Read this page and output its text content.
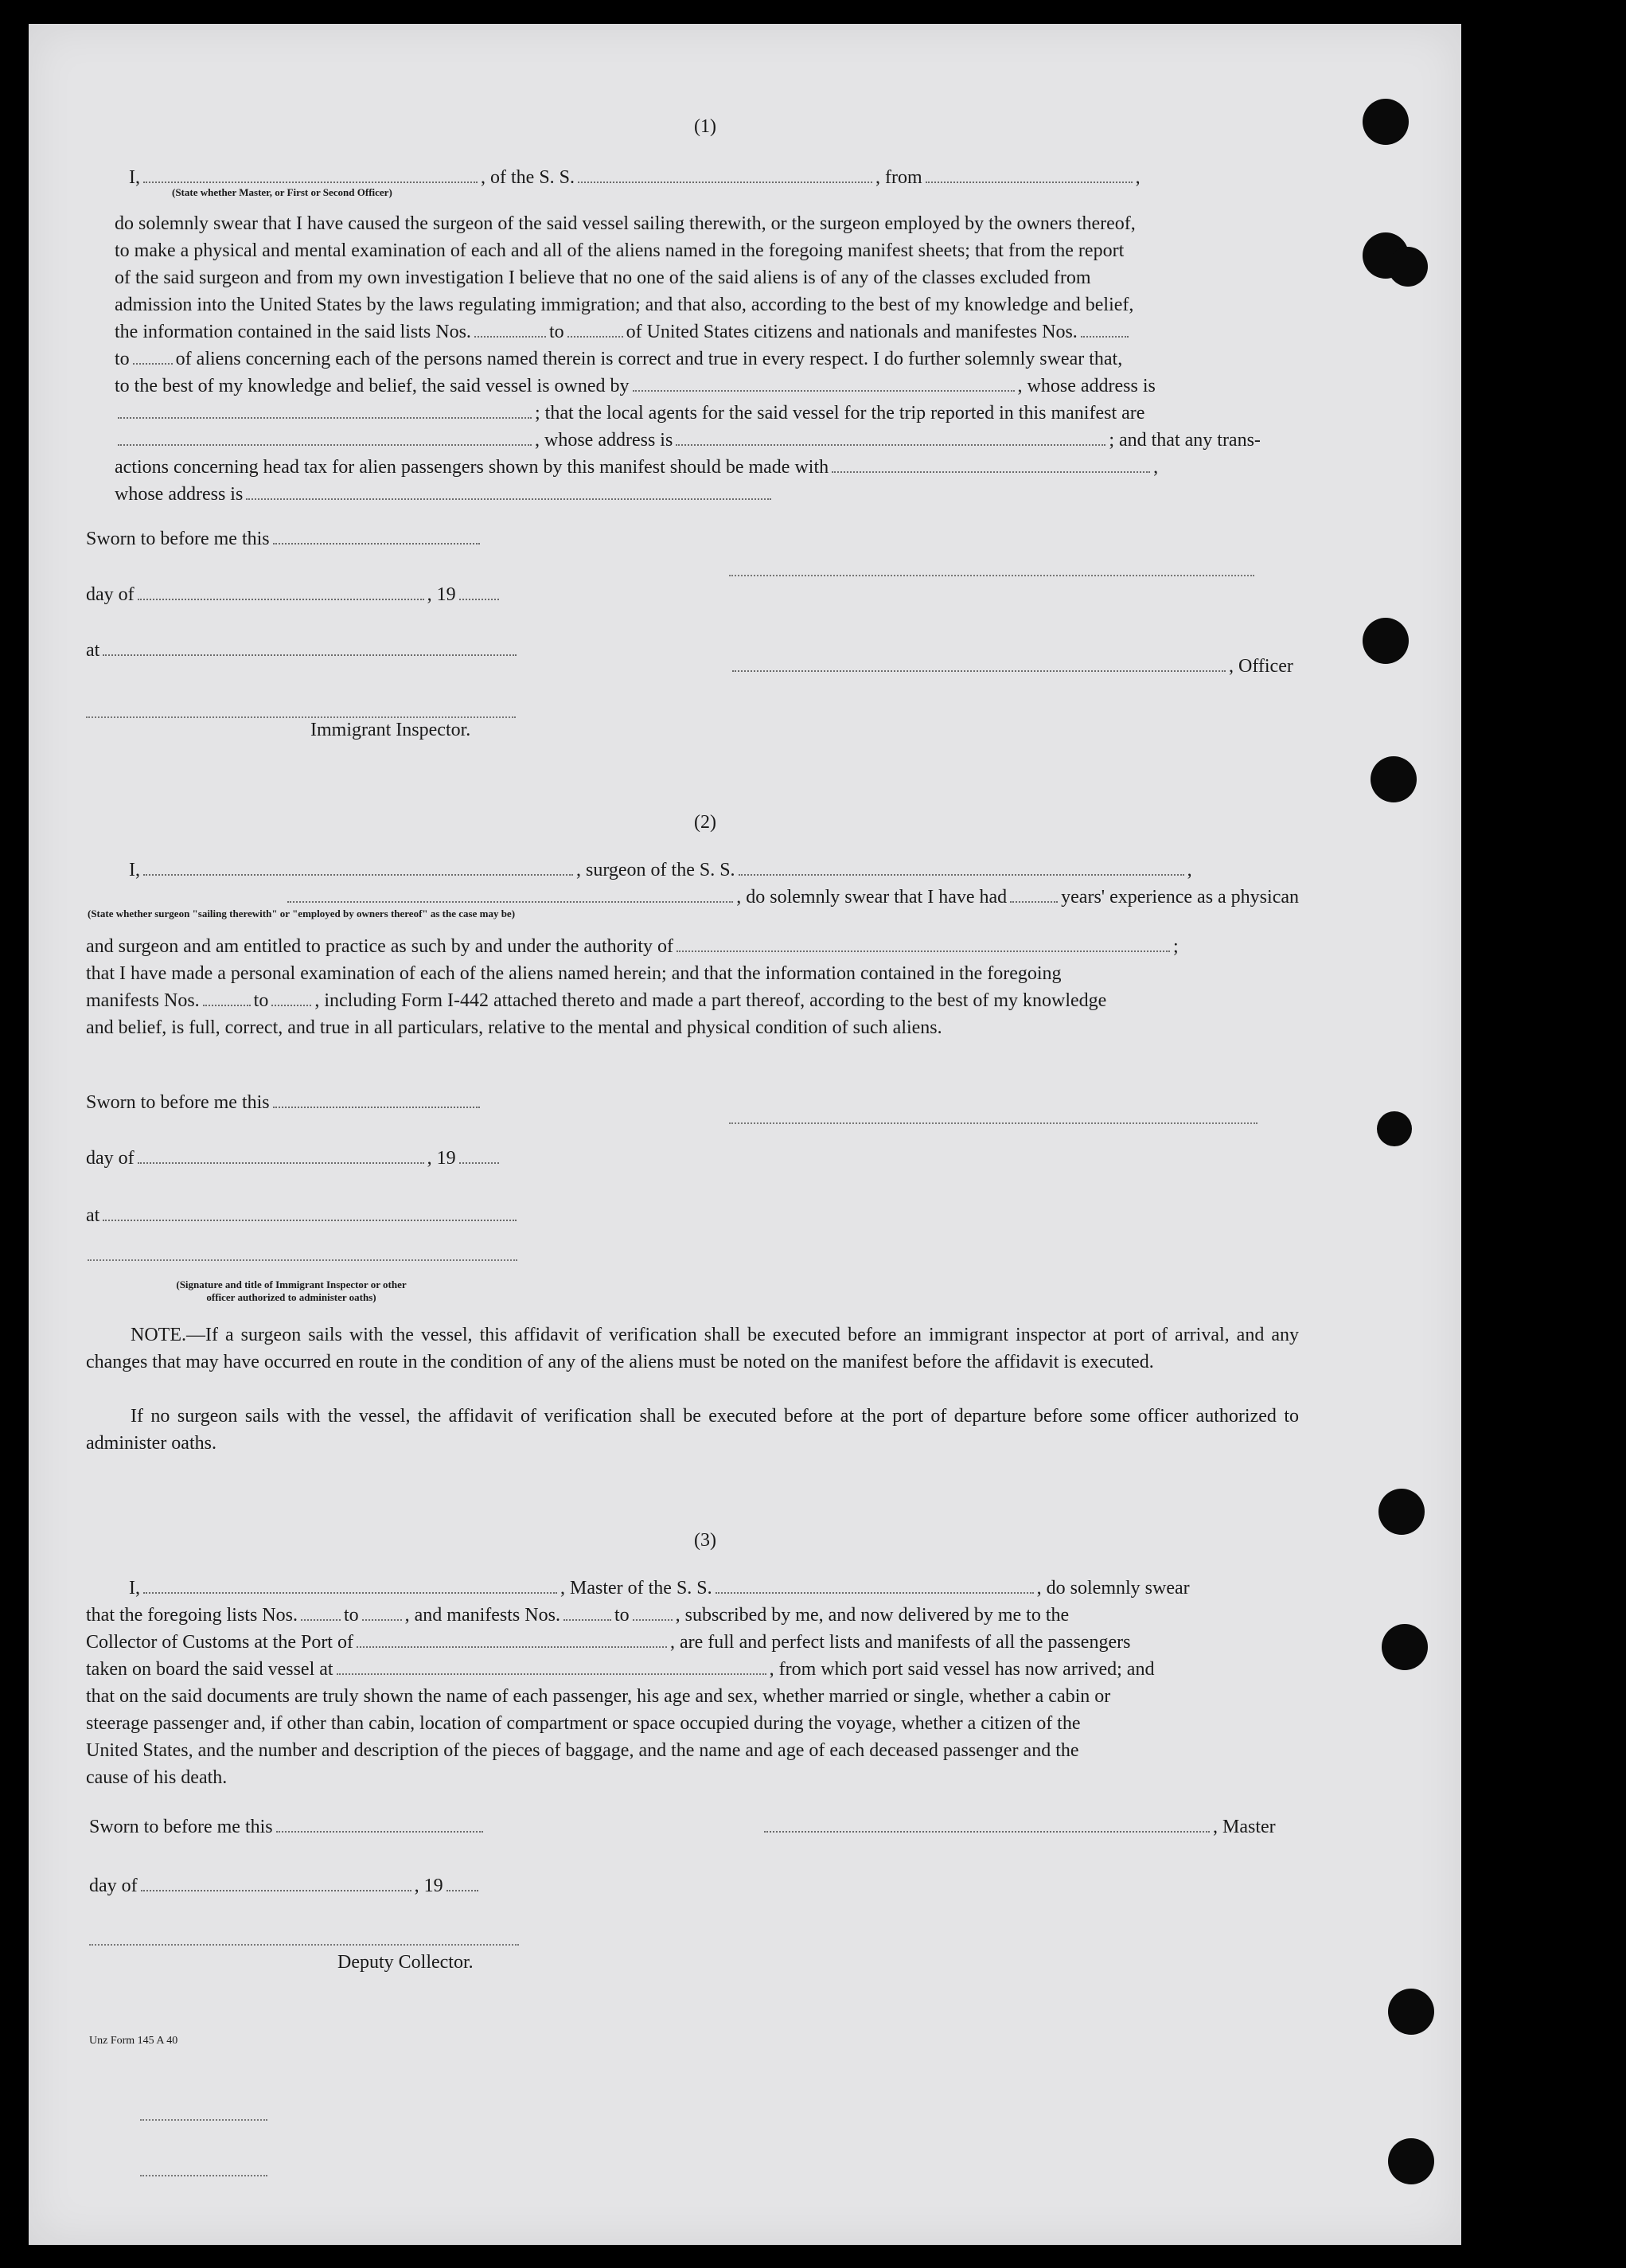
(1)
I,	, of the S. S.	, from	,
(State whether Master, or First or Second Officer)
do solemnly swear that I have caused the surgeon of the said vessel sailing therewith, or the surgeon employed by the owners thereof,
to make a physical and mental examination of each and all of the aliens named in the foregoing manifest sheets; that from the report
of the said surgeon and from my own investigation I believe that no one of the said aliens is of any of the classes excluded from
admission into the United States by the laws regulating immigration; and that also, according to the best of my knowledge and belief,
the information contained in the said lists Nos.	to	of United States citizens and nationals and manifestes Nos.
to of aliens concerning each of the persons named therein is correct and true in every respect. I do further solemnly swear that,
to the best of my knowledge and belief, the said vessel is owned by	, whose address is
; that the local agents for the said vessel for the trip reported in this manifest are
, whose address is	; and that any trans-
actions concerning head tax for alien passengers shown by this manifest should be made with	,
whose address is
Sworn to before me this
day of	, 19
at
, Officer
Immigrant Inspector.
(2)
I,	, surgeon of the S. S.	,
, do solemnly swear that I have had	years' experience as a physican
(State whether surgeon "sailing therewith" or "employed by owners thereof" as the case may be)
and surgeon and am entitled to practice as such by and under the authority of	;
that I have made a personal examination of each of the aliens named herein; and that the information contained in the foregoing
manifests Nos.	to , including Form I-442 attached thereto and made a part thereof, according to the best of my knowledge
and belief, is full, correct, and true in all particulars, relative to the mental and physical condition of such aliens.
Sworn to before me this
day of	, 19
at
(Signature and title of Immigrant Inspector or other
officer authorized to administer oaths)
NOTE.—If a surgeon sails with the vessel, this affidavit of verification shall be executed before an immigrant inspector at port of arrival, and any changes that may have occurred en route in the condition of any of the aliens must be noted on the manifest before the affidavit is executed.
If no surgeon sails with the vessel, the affidavit of verification shall be executed before at the port of departure before some officer authorized to administer oaths.
(3)
I,	, Master of the S. S.	, do solemnly swear
that the foregoing lists Nos. to , and manifests Nos.	to , subscribed by me, and now delivered by me to the
Collector of Customs at the Port of	, are full and perfect lists and manifests of all the passengers
taken on board the said vessel at	, from which port said vessel has now arrived; and
that on the said documents are truly shown the name of each passenger, his age and sex, whether married or single, whether a cabin or
steerage passenger and, if other than cabin, location of compartment or space occupied during the voyage, whether a citizen of the
United States, and the number and description of the pieces of baggage, and the name and age of each deceased passenger and the
cause of his death.
Sworn to before me this	, Master
day of	, 19
Deputy Collector.
Unz Form 145 A 40
